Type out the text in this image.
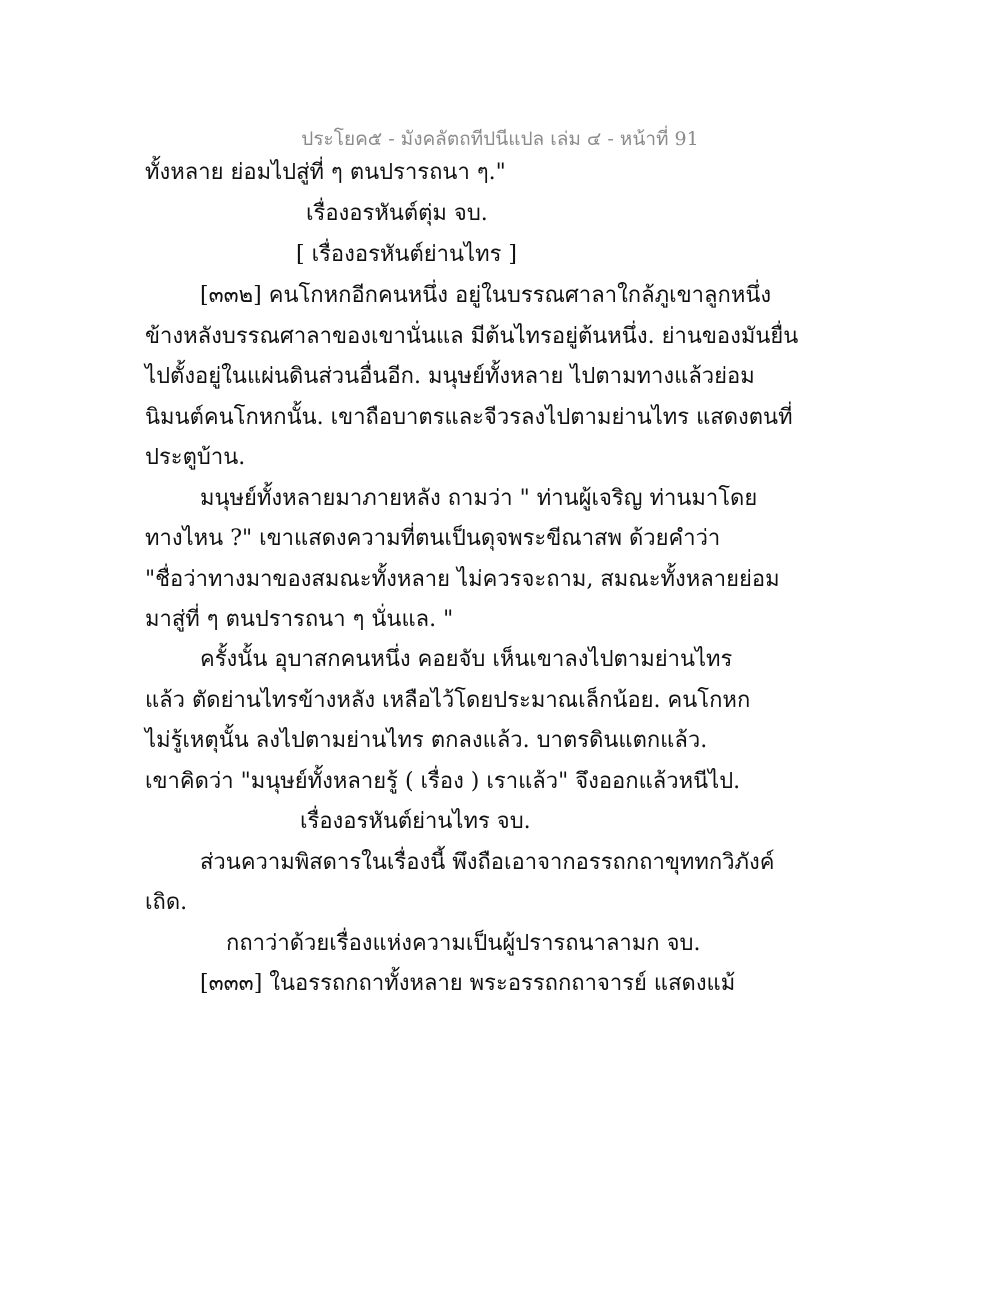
ประโยค๕ - มังคลัตถทีปนีแปล เล่ม ๔ - หน้าที่ 91
ทั้งหลาย ย่อมไปสู่ที่ ๆ ตนปรารถนา ๆ."
เรื่องอรหันต์ตุ่ม จบ.
[ เรื่องอรหันต์ย่านไทร ]
[๓๓๒] คนโกหกอีกคนหนึ่ง อยู่ในบรรณศาลาใกล้ภูเขาลูกหนึ่ง
ข้างหลังบรรณศาลาของเขานั่นแล มีต้นไทรอยู่ต้นหนึ่ง. ย่านของมันยื่น
ไปตั้งอยู่ในแผ่นดินส่วนอื่นอีก. มนุษย์ทั้งหลาย ไปตามทางแล้วย่อม
นิมนต์คนโกหกนั้น. เขาถือบาตรและจีวรลงไปตามย่านไทร แสดงตนที่
ประตูบ้าน.
มนุษย์ทั้งหลายมาภายหลัง ถามว่า " ท่านผู้เจริญ ท่านมาโดย
ทางไหน ?" เขาแสดงความที่ตนเป็นดุจพระขีณาสพ ด้วยคำว่า
"ชื่อว่าทางมาของสมณะทั้งหลาย ไม่ควรจะถาม, สมณะทั้งหลายย่อม
มาสู่ที่ ๆ ตนปรารถนา ๆ นั่นแล. "
ครั้งนั้น อุบาสกคนหนึ่ง คอยจับ เห็นเขาลงไปตามย่านไทร
แล้ว ตัดย่านไทรข้างหลัง เหลือไว้โดยประมาณเล็กน้อย. คนโกหก
ไม่รู้เหตุนั้น ลงไปตามย่านไทร ตกลงแล้ว. บาตรดินแตกแล้ว.
เขาคิดว่า "มนุษย์ทั้งหลายรู้ ( เรื่อง ) เราแล้ว" จึงออกแล้วหนีไป.
เรื่องอรหันต์ย่านไทร จบ.
ส่วนความพิสดารในเรื่องนี้ พึงถือเอาจากอรรถกถาขุททกวิภังค์
เถิด.
กถาว่าด้วยเรื่องแห่งความเป็นผู้ปรารถนาลามก จบ.
[๓๓๓] ในอรรถกถาทั้งหลาย พระอรรถกถาจารย์ แสดงแม้
